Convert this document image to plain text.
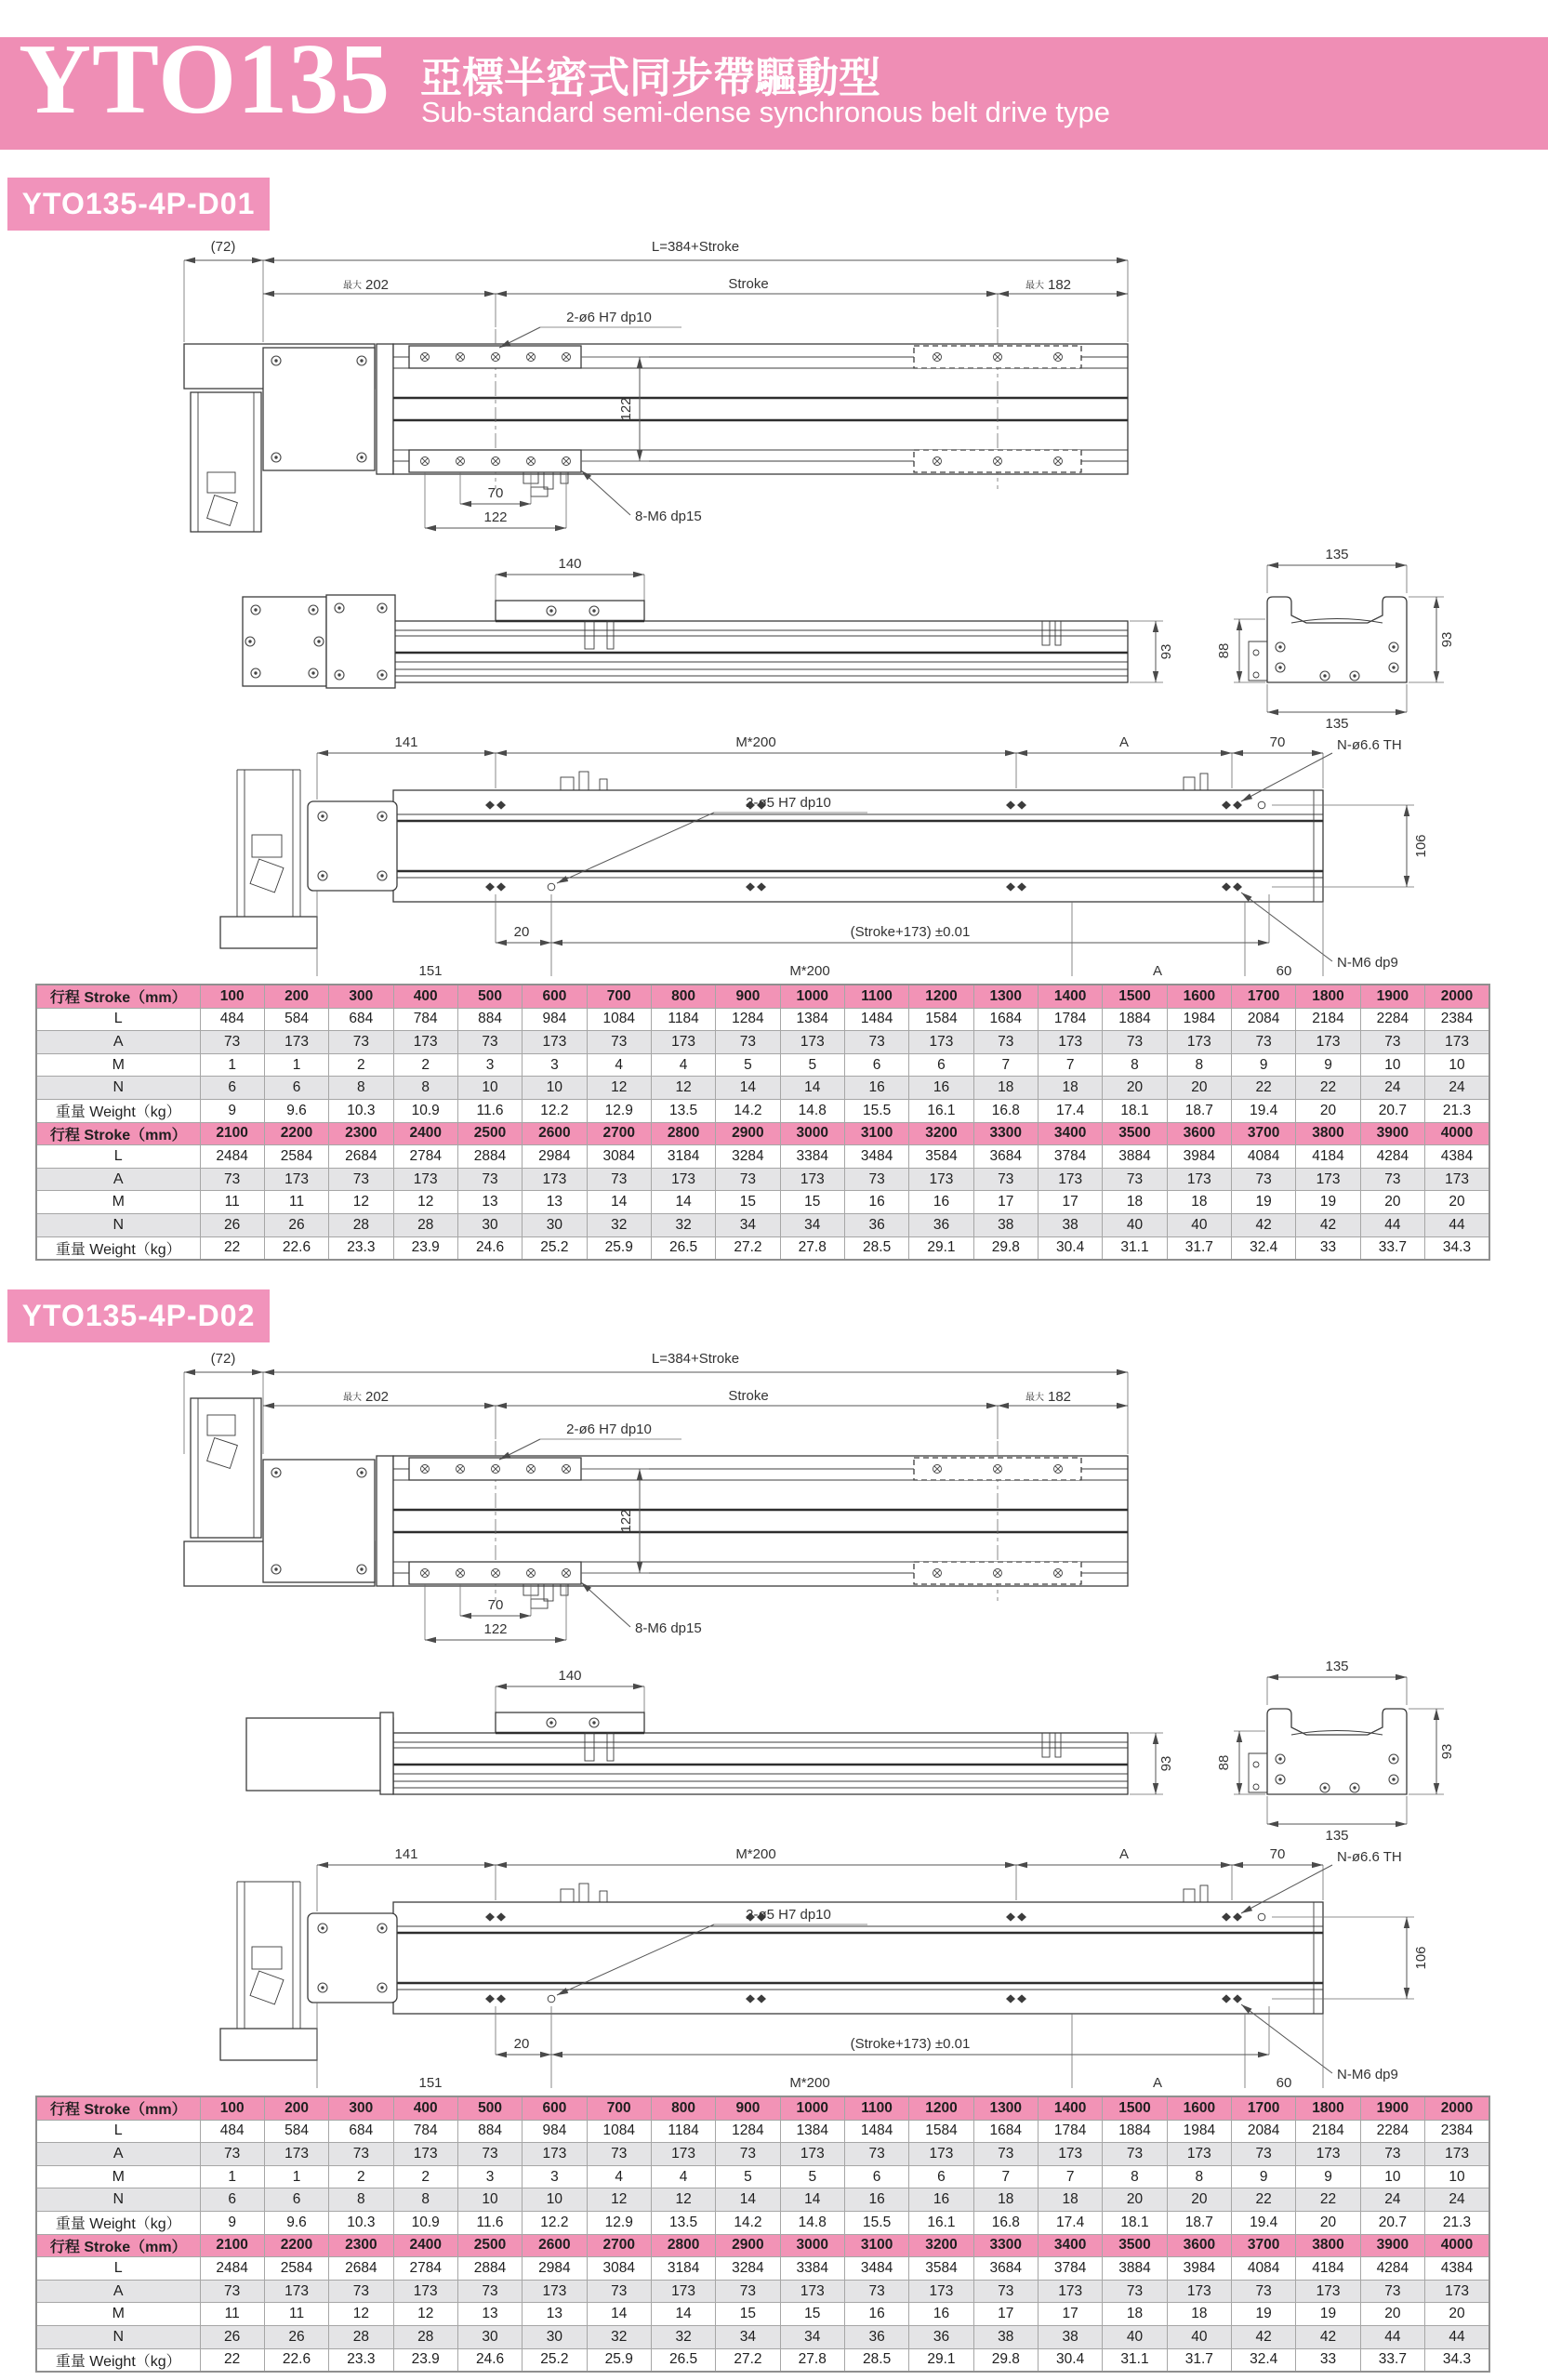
YTO135 亞標半密式同步帶驅動型
Sub-standard semi-dense synchronous belt drive type
YTO135-4P-D01
(72)	L=384+Stroke
最大 202	Stroke	最大 182
2-ø6 H7 dp10
122
70
122	8-M6 dp15
140
93
135
88
93
135
141	M*200	A	70
2-ø5 H7 dp10
N-ø6.6 TH
106
N-M6 dp9
20	(Stroke+173) ±0.01
151	M*200	A	60
行程 Stroke（mm）	100	200	300	400	500	600	700	800	900	1000	1100	1200	1300	1400	1500	1600	1700	1800	1900	2000
L	484	584	684	784	884	984	1084	1184	1284	1384	1484	1584	1684	1784	1884	1984	2084	2184	2284	2384
A	73	173	73	173	73	173	73	173	73	173	73	173	73	173	73	173	73	173	73	173
M	1	1	2	2	3	3	4	4	5	5	6	6	7	7	8	8	9	9	10	10
N	6	6	8	8	10	10	12	12	14	14	16	16	18	18	20	20	22	22	24	24
重量 Weight（kg）	9	9.6	10.3	10.9	11.6	12.2	12.9	13.5	14.2	14.8	15.5	16.1	16.8	17.4	18.1	18.7	19.4	20	20.7	21.3
行程 Stroke（mm）	2100	2200	2300	2400	2500	2600	2700	2800	2900	3000	3100	3200	3300	3400	3500	3600	3700	3800	3900	4000
L	2484	2584	2684	2784	2884	2984	3084	3184	3284	3384	3484	3584	3684	3784	3884	3984	4084	4184	4284	4384
A	73	173	73	173	73	173	73	173	73	173	73	173	73	173	73	173	73	173	73	173
M	11	11	12	12	13	13	14	14	15	15	16	16	17	17	18	18	19	19	20	20
N	26	26	28	28	30	30	32	32	34	34	36	36	38	38	40	40	42	42	44	44
重量 Weight（kg）	22	22.6	23.3	23.9	24.6	25.2	25.9	26.5	27.2	27.8	28.5	29.1	29.8	30.4	31.1	31.7	32.4	33	33.7	34.3
YTO135-4P-D02
(72)	L=384+Stroke
最大 202	Stroke	最大 182
2-ø6 H7 dp10
122
70
122	8-M6 dp15
140
93
135
88
93
135
141	M*200	A	70
2-ø5 H7 dp10
N-ø6.6 TH
106
N-M6 dp9
20	(Stroke+173) ±0.01
151	M*200	A	60
行程 Stroke（mm）	100	200	300	400	500	600	700	800	900	1000	1100	1200	1300	1400	1500	1600	1700	1800	1900	2000
L	484	584	684	784	884	984	1084	1184	1284	1384	1484	1584	1684	1784	1884	1984	2084	2184	2284	2384
A	73	173	73	173	73	173	73	173	73	173	73	173	73	173	73	173	73	173	73	173
M	1	1	2	2	3	3	4	4	5	5	6	6	7	7	8	8	9	9	10	10
N	6	6	8	8	10	10	12	12	14	14	16	16	18	18	20	20	22	22	24	24
重量 Weight（kg）	9	9.6	10.3	10.9	11.6	12.2	12.9	13.5	14.2	14.8	15.5	16.1	16.8	17.4	18.1	18.7	19.4	20	20.7	21.3
行程 Stroke（mm）	2100	2200	2300	2400	2500	2600	2700	2800	2900	3000	3100	3200	3300	3400	3500	3600	3700	3800	3900	4000
L	2484	2584	2684	2784	2884	2984	3084	3184	3284	3384	3484	3584	3684	3784	3884	3984	4084	4184	4284	4384
A	73	173	73	173	73	173	73	173	73	173	73	173	73	173	73	173	73	173	73	173
M	11	11	12	12	13	13	14	14	15	15	16	16	17	17	18	18	19	19	20	20
N	26	26	28	28	30	30	32	32	34	34	36	36	38	38	40	40	42	42	44	44
重量 Weight（kg）	22	22.6	23.3	23.9	24.6	25.2	25.9	26.5	27.2	27.8	28.5	29.1	29.8	30.4	31.1	31.7	32.4	33	33.7	34.3
